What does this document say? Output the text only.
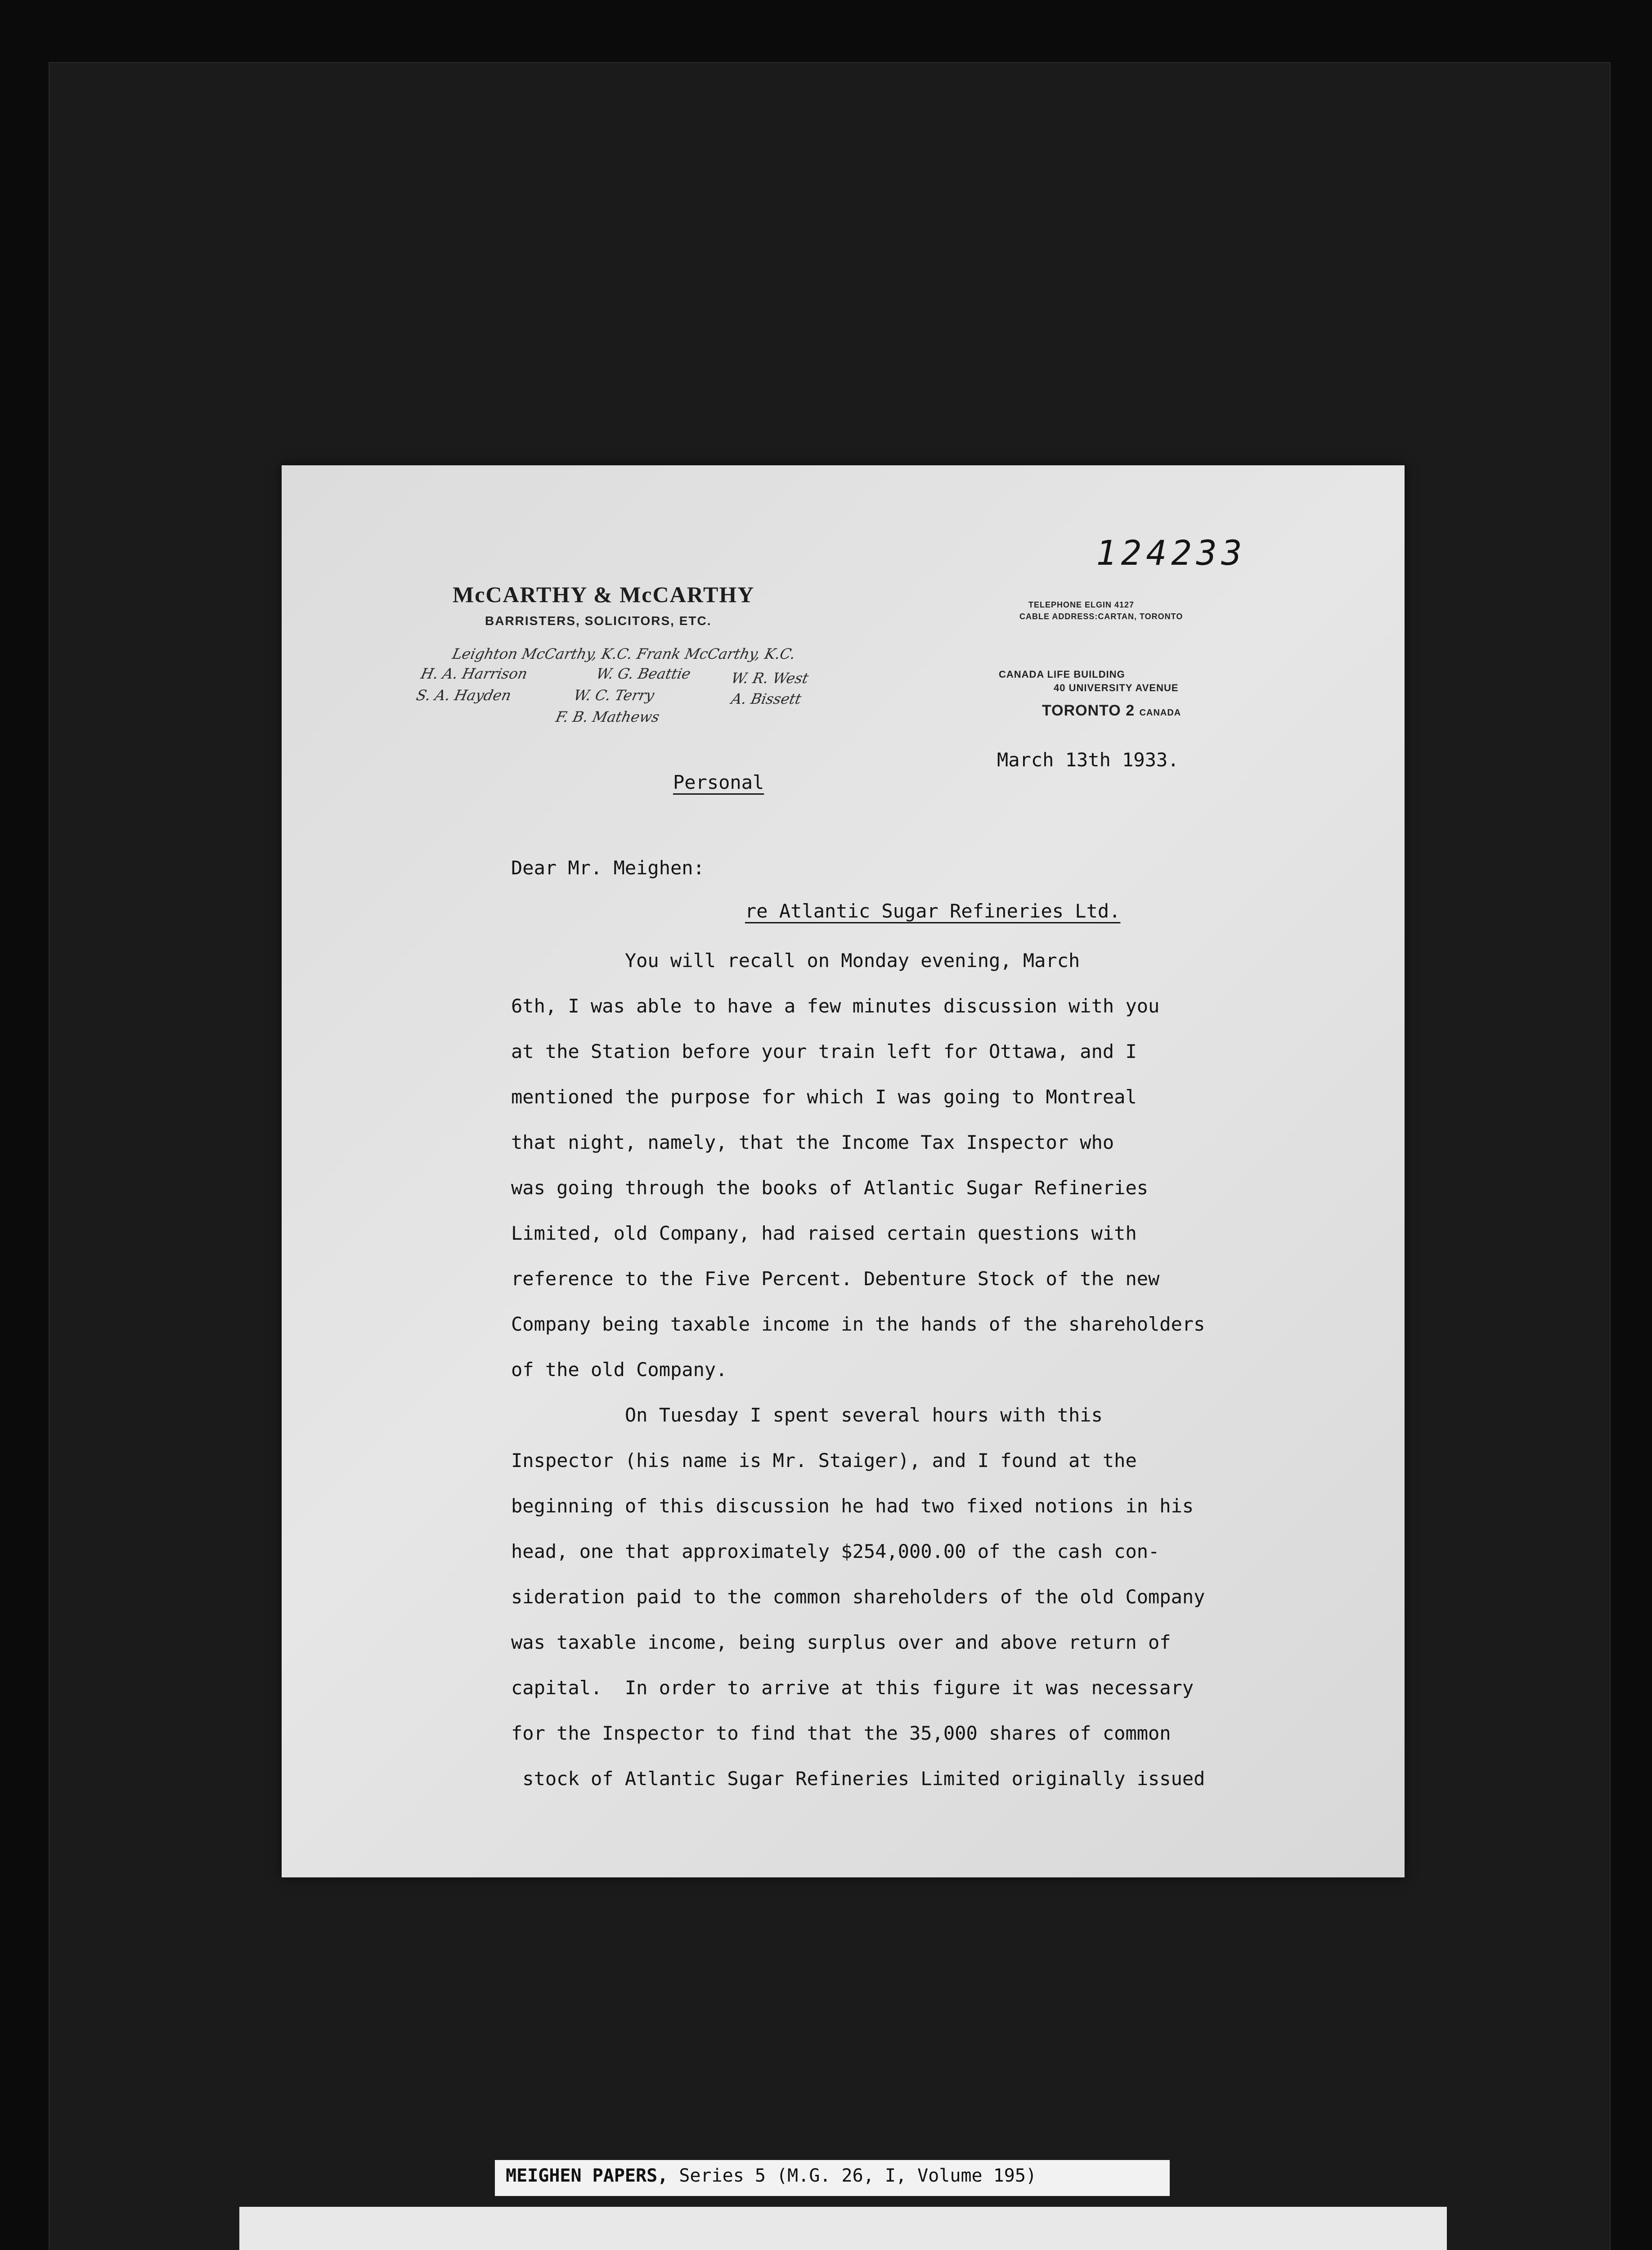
124233
McCARTHY & McCARTHY
BARRISTERS, SOLICITORS, ETC.
TELEPHONE ELGIN 4127
CABLE ADDRESS:CARTAN, TORONTO
CANADA LIFE BUILDING
40 UNIVERSITY AVENUE
TORONTO 2 CANADA
Leighton McCarthy, K.C. Frank McCarthy, K.C.
H. A. Harrison	W. G. Beattie	W. R. West
S. A. Hayden	W. C. Terry	A. Bissett
F. B. Mathews
Personal
March 13th 1933.
Dear Mr. Meighen:
re Atlantic Sugar Refineries Ltd.
You will recall on Monday evening, March
6th, I was able to have a few minutes discussion with you
at the Station before your train left for Ottawa, and I
mentioned the purpose for which I was going to Montreal
that night, namely, that the Income Tax Inspector who
was going through the books of Atlantic Sugar Refineries
Limited, old Company, had raised certain questions with
reference to the Five Percent. Debenture Stock of the new
Company being taxable income in the hands of the shareholders
of the old Company.
On Tuesday I spent several hours with this
Inspector (his name is Mr. Staiger), and I found at the
beginning of this discussion he had two fixed notions in his
head, one that approximately $254,000.00 of the cash con-
sideration paid to the common shareholders of the old Company
was taxable income, being surplus over and above return of
capital.  In order to arrive at this figure it was necessary
for the Inspector to find that the 35,000 shares of common
stock of Atlantic Sugar Refineries Limited originally issued
MEIGHEN PAPERS, Series 5 (M.G. 26, I, Volume 195)
